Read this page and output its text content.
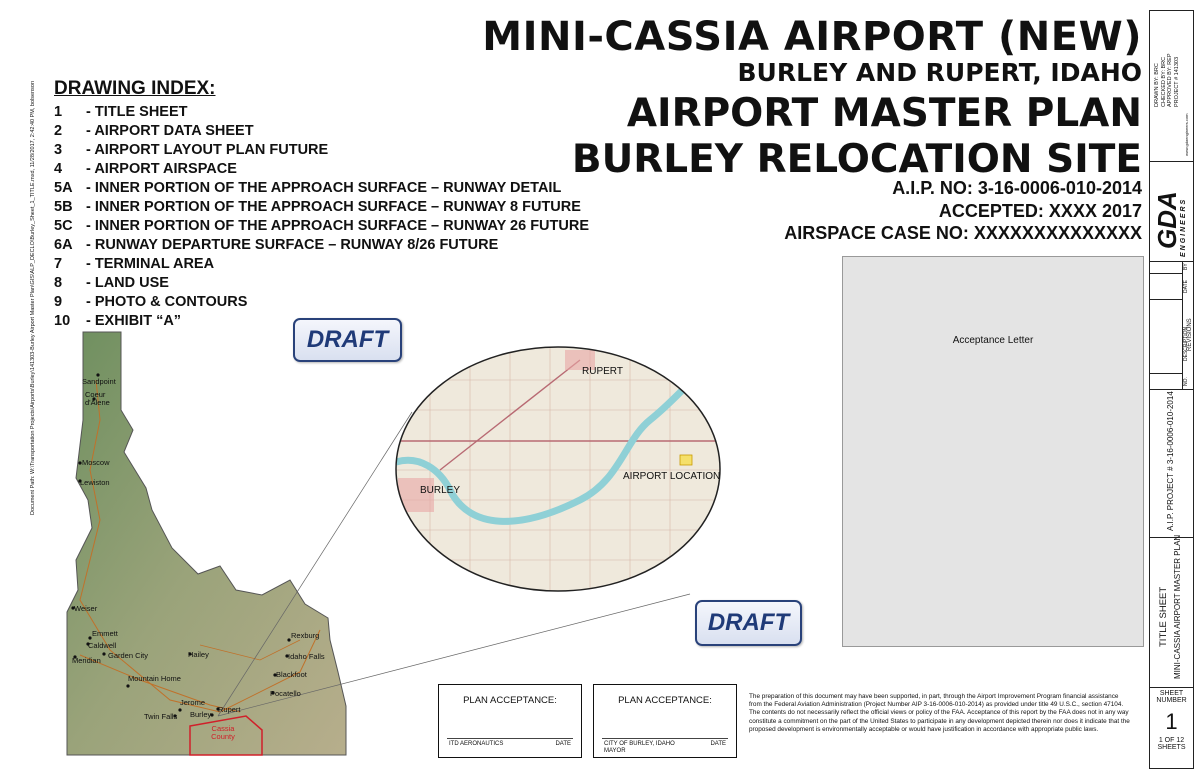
MINI-CASSIA AIRPORT (NEW)
BURLEY AND RUPERT, IDAHO
AIRPORT MASTER PLAN
BURLEY RELOCATION SITE
A.I.P. NO: 3-16-0006-010-2014
ACCEPTED: XXXX 2017
AIRSPACE CASE NO: XXXXXXXXXXXXXX
DRAWING INDEX:
1 - TITLE SHEET
2 - AIRPORT DATA SHEET
3 - AIRPORT LAYOUT PLAN FUTURE
4 - AIRPORT AIRSPACE
5A - INNER PORTION OF THE APPROACH SURFACE – RUNWAY DETAIL
5B - INNER PORTION OF THE APPROACH SURFACE – RUNWAY 8 FUTURE
5C - INNER PORTION OF THE APPROACH SURFACE – RUNWAY 26 FUTURE
6A - RUNWAY DEPARTURE SURFACE – RUNWAY 8/26 FUTURE
7 - TERMINAL AREA
8 - LAND USE
9 - PHOTO & CONTOURS
10 - EXHIBIT “A”
Document Path: W:\Transportation Projects\Airports\Burley\141303-Burley Airport Master Plan\GIS\ALP_DECLO\Burley_Sheet_1_TITLE.mxd, 11/28/2017, 2:42:40 PM, bolsenson	Sandpoint
Coeur d'Alene
Moscow
Lewiston
Weiser
Emmett
Caldwell
Meridian
Garden City	Hailey
Rexburg
Idaho Falls
Blackfoot
Pocatello
Mountain Home
Jerome
Twin Falls Burley
Rupert
Cassia County
RUPERT
BURLEY
AIRPORT LOCATION
DRAFT
DRAFT
Acceptance Letter
PLAN ACCEPTANCE:
ITD AERONAUTICS	DATE
PLAN ACCEPTANCE:
CITY OF BURLEY, IDAHO
MAYOR
DATE
The preparation of this document may have been supported, in part, through the Airport Improvement Program financial assistance from the Federal Aviation Administration (Project Number AIP 3-16-0006-010-2014) as provided under title 49 U.S.C., section 47104. The contents do not necessarily reflect the official views or policy of the FAA. Acceptance of this report by the FAA does not in any way constitute a commitment on the part of the United States to participate in any development depicted therein nor does it indicate that the proposed development is environmentally acceptable or would have justification in accordance with appropriate public laws.
DRAWN BY: BRC CHECKED BY: BRC APPROVED BY: REP PROJECT # 141303
www.gdaengineers.com
GDA
ENGINEERS
BY
DATE
DESCRIPTION
NO.
REVISIONS
A.I.P. PROJECT # 3-16-0006-010-2014
TITLE SHEET MINI-CASSIA AIRPORT MASTER PLAN
SHEET NUMBER
1
1 OF 12 SHEETS
